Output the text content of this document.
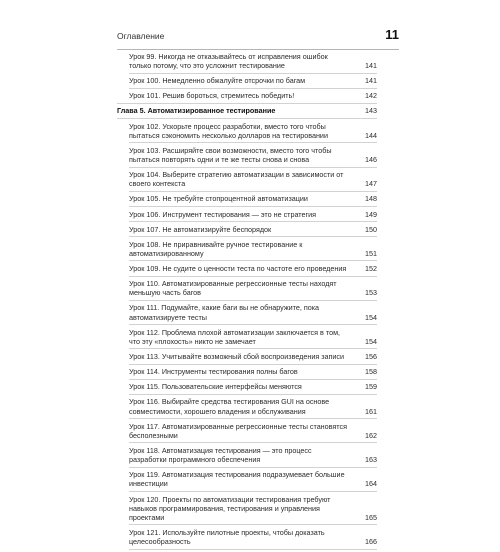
Оглавление	11
Урок 99. Никогда не отказывайтесь от исправления ошибок только потому, что это усложнит тестирование	141
Урок 100. Немедленно обжалуйте отсрочки по багам	141
Урок 101. Решив бороться, стремитесь победить!	142
Глава 5. Автоматизированное тестирование	143
Урок 102. Ускорьте процесс разработки, вместо того чтобы пытаться сэкономить несколько долларов на тестировании	144
Урок 103. Расширяйте свои возможности, вместо того чтобы пытаться повторять одни и те же тесты снова и снова	146
Урок 104. Выберите стратегию автоматизации в зависимости от своего контекста	147
Урок 105. Не требуйте стопроцентной автоматизации	148
Урок 106. Инструмент тестирования — это не стратегия	149
Урок 107. Не автоматизируйте беспорядок	150
Урок 108. Не приравнивайте ручное тестирование к автоматизированному	151
Урок 109. Не судите о ценности теста по частоте его проведения	152
Урок 110. Автоматизированные регрессионные тесты находят меньшую часть багов	153
Урок 111. Подумайте, какие баги вы не обнаружите, пока автоматизируете тесты	154
Урок 112. Проблема плохой автоматизации заключается в том, что эту «плохость» никто не замечает	154
Урок 113. Учитывайте возможный сбой воспроизведения записи	156
Урок 114. Инструменты тестирования полны багов	158
Урок 115. Пользовательские интерфейсы меняются	159
Урок 116. Выбирайте средства тестирования GUI на основе совместимости, хорошего владения и обслуживания	161
Урок 117. Автоматизированные регрессионные тесты становятся бесполезными	162
Урок 118. Автоматизация тестирования — это процесс разработки программного обеспечения	163
Урок 119. Автоматизация тестирования подразумевает большие инвестиции	164
Урок 120. Проекты по автоматизации тестирования требуют навыков программирования, тестирования и управления проектами	165
Урок 121. Используйте пилотные проекты, чтобы доказать целесообразность	166
